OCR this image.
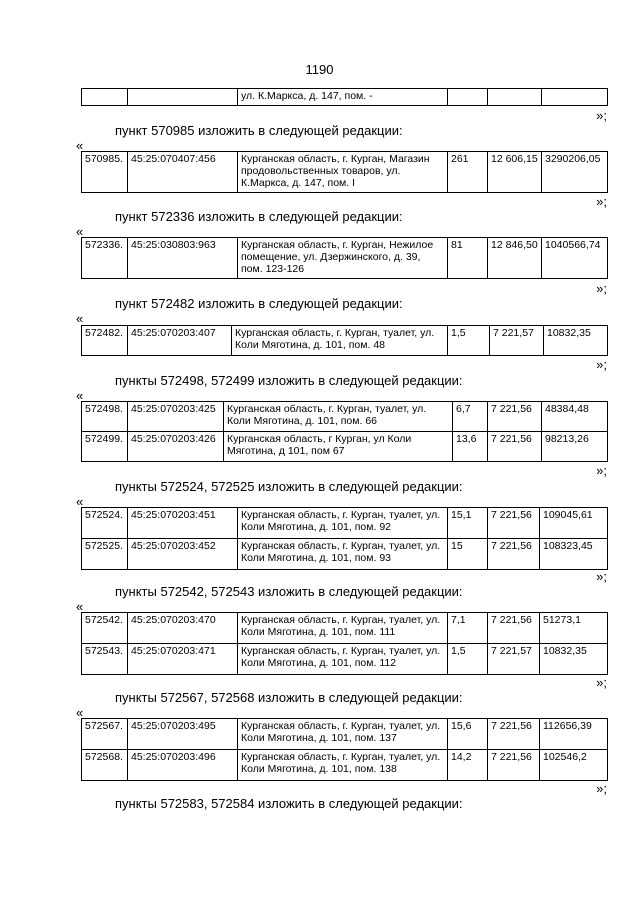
1190
		ул. К.Маркса, д. 147, пом. -			
»;
пункт 570985 изложить в следующей редакции:
«
570985.	45:25:070407:456	Курганская область, г. Курган, Магазин продовольственных товаров, ул. К.Маркса, д. 147, пом. I	261	12 606,15	3290206,05
»;
пункт 572336 изложить в следующей редакции:
«
572336.	45:25:030803:963	Курганская область, г. Курган, Нежилое помещение, ул. Дзержинского, д. 39, пом. 123-126	81	12 846,50	1040566,74
»;
пункт 572482 изложить в следующей редакции:
«
572482.	45:25:070203:407	Курганская область, г. Курган, туалет, ул. Коли Мяготина, д. 101, пом. 48	1,5	7 221,57	10832,35
»;
пункты 572498, 572499 изложить в следующей редакции:
«
572498.	45:25:070203:425	Курганская область, г. Курган, туалет, ул. Коли Мяготина, д. 101, пом. 66	6,7	7 221,56	48384,48
572499.	45:25:070203:426	Курганская область, г Курган, ул Коли Мяготина, д 101, пом 67	13,6	7 221,56	98213,26
»;
пункты 572524, 572525 изложить в следующей редакции:
«
572524.	45:25:070203:451	Курганская область, г. Курган, туалет, ул. Коли Мяготина, д. 101, пом. 92	15,1	7 221,56	109045,61
572525.	45:25:070203:452	Курганская область, г. Курган, туалет, ул. Коли Мяготина, д. 101, пом. 93	15	7 221,56	108323,45
»;
пункты 572542, 572543 изложить в следующей редакции:
«
572542.	45:25:070203:470	Курганская область, г. Курган, туалет, ул. Коли Мяготина, д. 101, пом. 111	7,1	7 221,56	51273,1
572543.	45:25:070203:471	Курганская область, г. Курган, туалет, ул. Коли Мяготина, д. 101, пом. 112	1,5	7 221,57	10832,35
»;
пункты 572567, 572568 изложить в следующей редакции:
«
572567.	45:25:070203:495	Курганская область, г. Курган, туалет, ул. Коли Мяготина, д. 101, пом. 137	15,6	7 221,56	112656,39
572568.	45:25:070203:496	Курганская область, г. Курган, туалет, ул. Коли Мяготина, д. 101, пом. 138	14,2	7 221,56	102546,2
»;
пункты 572583, 572584 изложить в следующей редакции:
